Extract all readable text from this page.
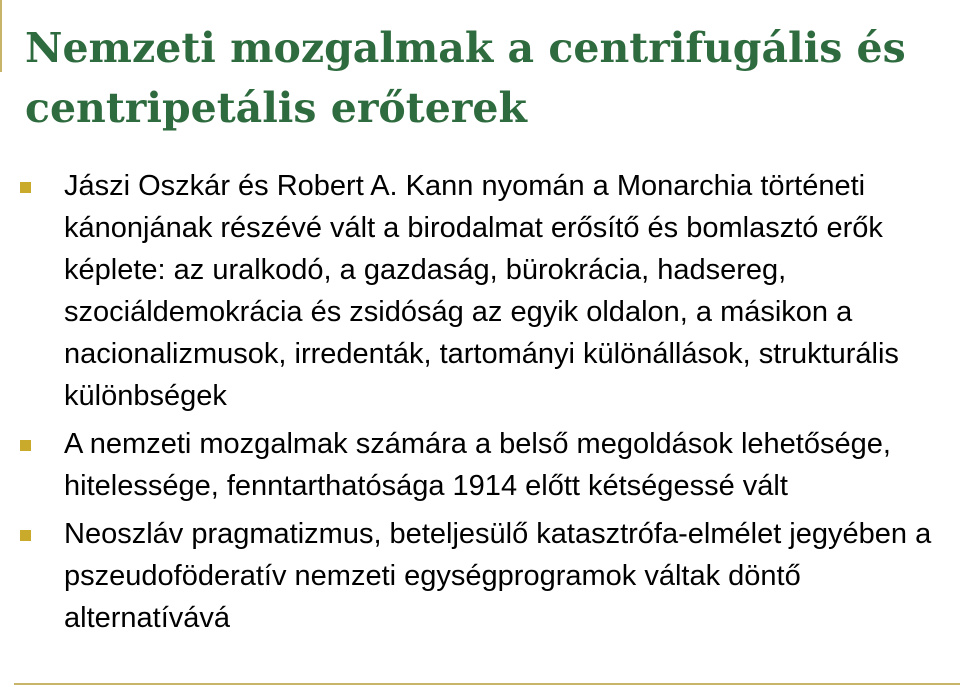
Nemzeti mozgalmak a centrifugális és centripetális erőterek
Jászi Oszkár és Robert A. Kann nyomán a Monarchia történeti kánonjának részévé vált a birodalmat erősítő és bomlasztó erők képlete: az uralkodó, a gazdaság, bürokrácia, hadsereg, szociáldemokrácia és zsidóság az egyik oldalon, a másikon a nacionalizmusok, irredenták, tartományi különállások, strukturális különbségek
A nemzeti mozgalmak számára a belső megoldások lehetősége, hitelessége, fenntarthatósága 1914 előtt kétségessé vált
Neoszláv pragmatizmus, beteljesülő katasztrófa-elmélet jegyében a pszeudoföderatív nemzeti egységprogramok váltak döntő alternatívává
